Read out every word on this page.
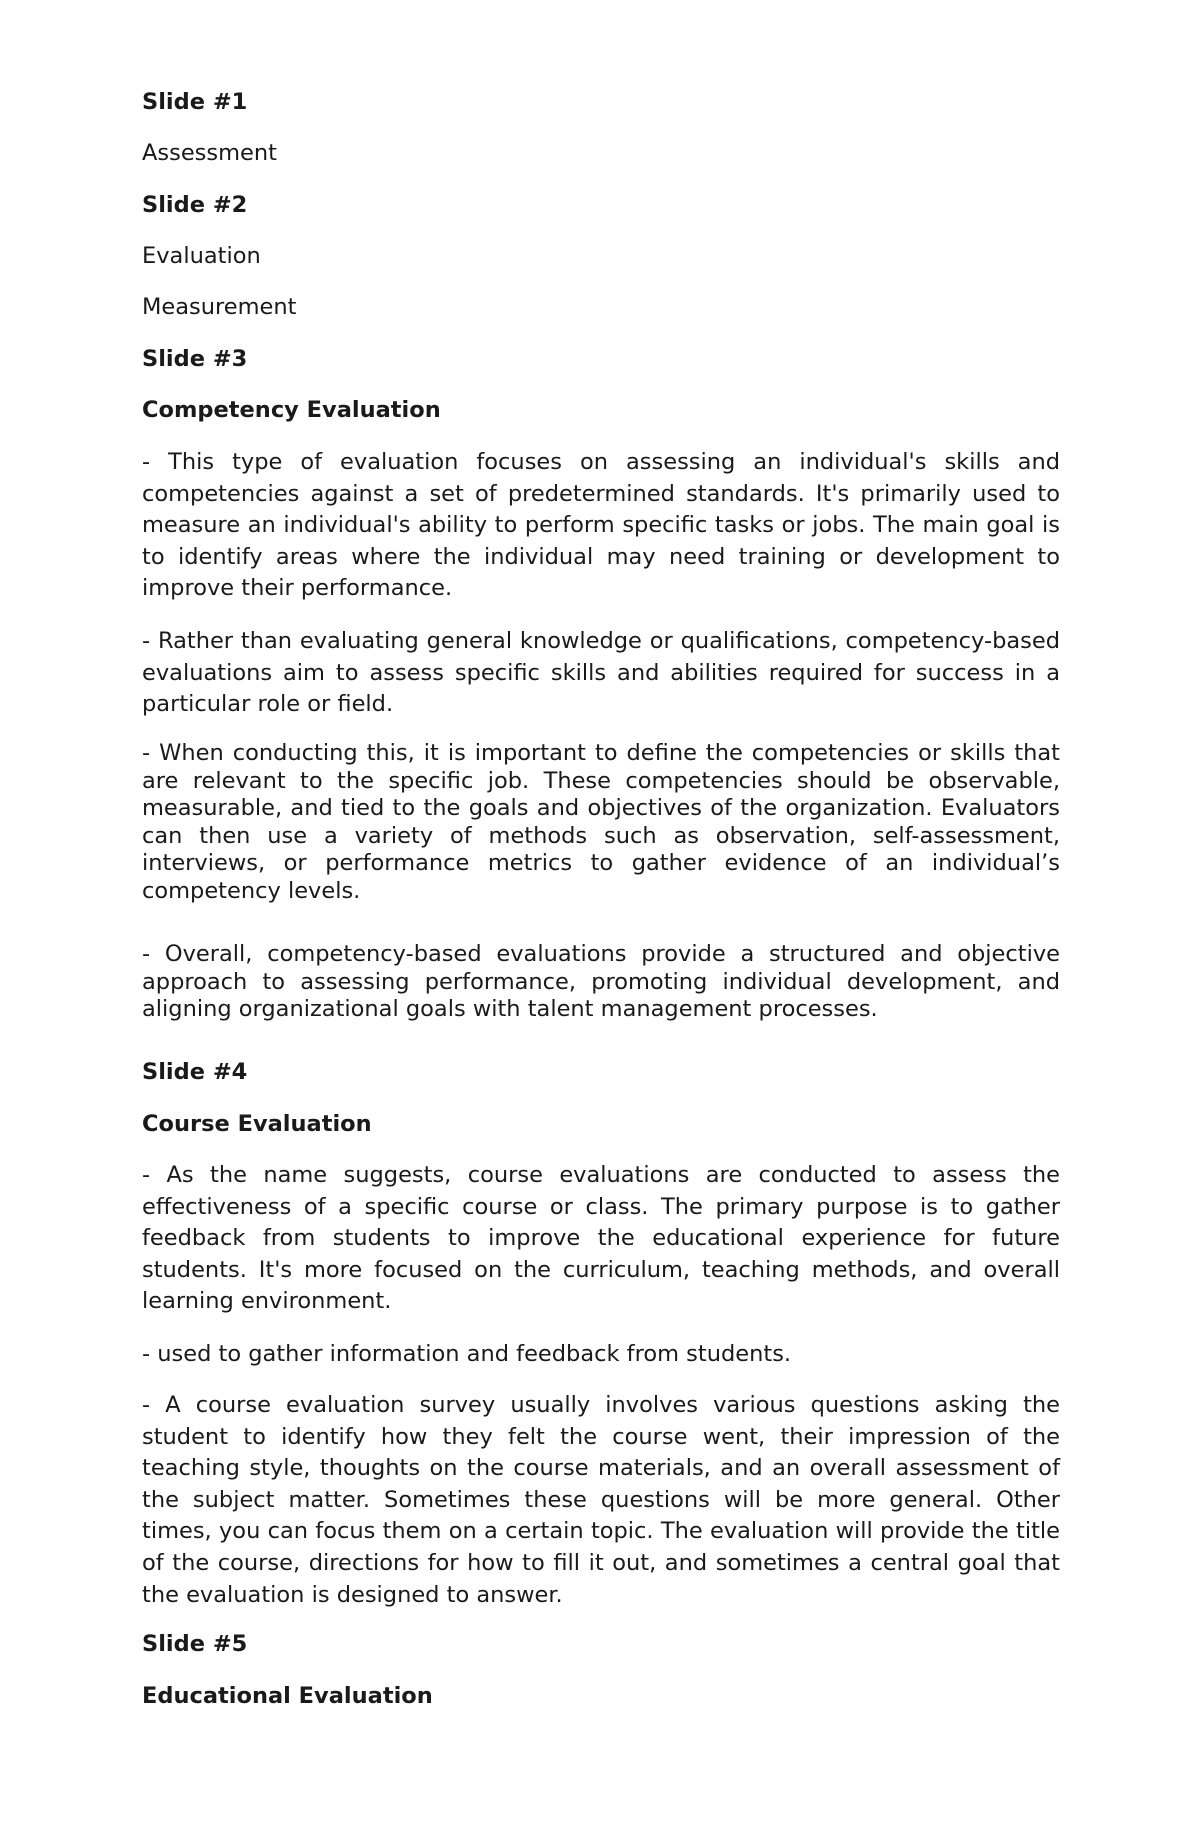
Slide #1

Assessment

Slide #2

Evaluation

Measurement

Slide #3

Competency Evaluation

- This type of evaluation focuses on assessing an individual's skills and competencies against a set of predetermined standards. It's primarily used to measure an individual's ability to perform specific tasks or jobs. The main goal is to identify areas where the individual may need training or development to improve their performance.

- Rather than evaluating general knowledge or qualifications, competency-based evaluations aim to assess specific skills and abilities required for success in a particular role or field.

- When conducting this, it is important to define the competencies or skills that are relevant to the specific job. These competencies should be observable, measurable, and tied to the goals and objectives of the organization. Evaluators can then use a variety of methods such as observation, self-assessment, interviews, or performance metrics to gather evidence of an individual’s competency levels.

- Overall, competency-based evaluations provide a structured and objective approach to assessing performance, promoting individual development, and aligning organizational goals with talent management processes.

Slide #4

Course Evaluation

- As the name suggests, course evaluations are conducted to assess the effectiveness of a specific course or class. The primary purpose is to gather feedback from students to improve the educational experience for future students. It's more focused on the curriculum, teaching methods, and overall learning environment.

- used to gather information and feedback from students.

- A course evaluation survey usually involves various questions asking the student to identify how they felt the course went, their impression of the teaching style, thoughts on the course materials, and an overall assessment of the subject matter. Sometimes these questions will be more general. Other times, you can focus them on a certain topic. The evaluation will provide the title of the course, directions for how to fill it out, and sometimes a central goal that the evaluation is designed to answer.

Slide #5

Educational Evaluation
